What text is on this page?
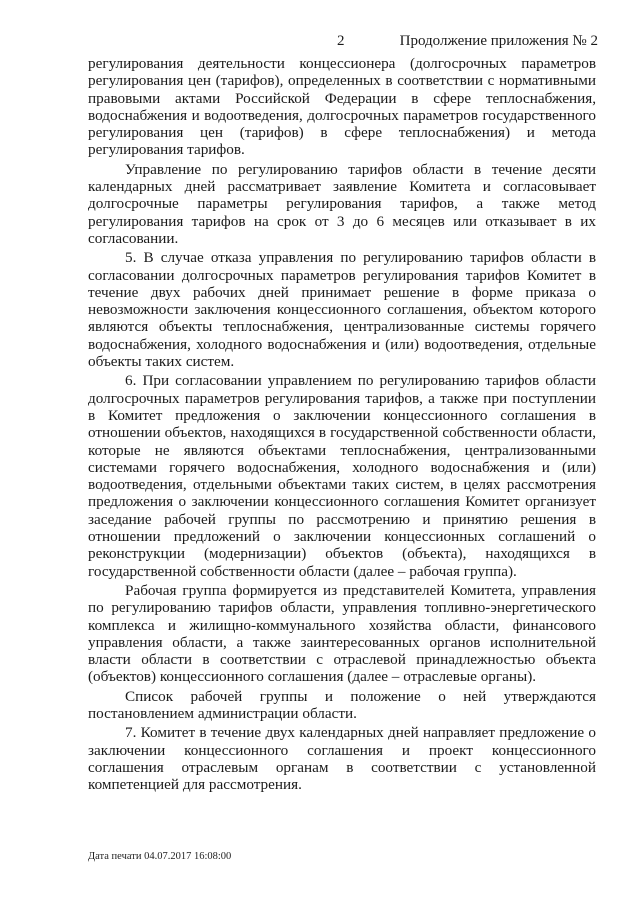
2	Продолжение приложения № 2

регулирования деятельности концессионера (долгосрочных параметров регулирования цен (тарифов), определенных в соответствии с нормативными правовыми актами Российской Федерации в сфере теплоснабжения, водоснабжения и водоотведения, долгосрочных параметров государственного регулирования цен (тарифов) в сфере теплоснабжения) и метода регулирования тарифов.

Управление по регулированию тарифов области в течение десяти календарных дней рассматривает заявление Комитета и согласовывает долгосрочные параметры регулирования тарифов, а также метод регулирования тарифов на срок от 3 до 6 месяцев или отказывает в их согласовании.

5. В случае отказа управления по регулированию тарифов области в согласовании долгосрочных параметров регулирования тарифов Комитет в течение двух рабочих дней принимает решение в форме приказа о невозможности заключения концессионного соглашения, объектом которого являются объекты теплоснабжения, централизованные системы горячего водоснабжения, холодного водоснабжения и (или) водоотведения, отдельные объекты таких систем.

6. При согласовании управлением по регулированию тарифов области долгосрочных параметров регулирования тарифов, а также при поступлении в Комитет предложения о заключении концессионного соглашения в отношении объектов, находящихся в государственной собственности области, которые не являются объектами теплоснабжения, централизованными системами горячего водоснабжения, холодного водоснабжения и (или) водоотведения, отдельными объектами таких систем, в целях рассмотрения предложения о заключении концессионного соглашения Комитет организует заседание рабочей группы по рассмотрению и принятию решения в отношении предложений о заключении концессионных соглашений о реконструкции (модернизации) объектов (объекта), находящихся в государственной собственности области (далее – рабочая группа).

Рабочая группа формируется из представителей Комитета, управления по регулированию тарифов области, управления топливно-энергетического комплекса и жилищно-коммунального хозяйства области, финансового управления области, а также заинтересованных органов исполнительной власти области в соответствии с отраслевой принадлежностью объекта (объектов) концессионного соглашения (далее – отраслевые органы).

Список рабочей группы и положение о ней утверждаются постановлением администрации области.

7. Комитет в течение двух календарных дней направляет предложение о заключении концессионного соглашения и проект концессионного соглашения отраслевым органам в соответствии с установленной компетенцией для рассмотрения.

Дата печати 04.07.2017 16:08:00
